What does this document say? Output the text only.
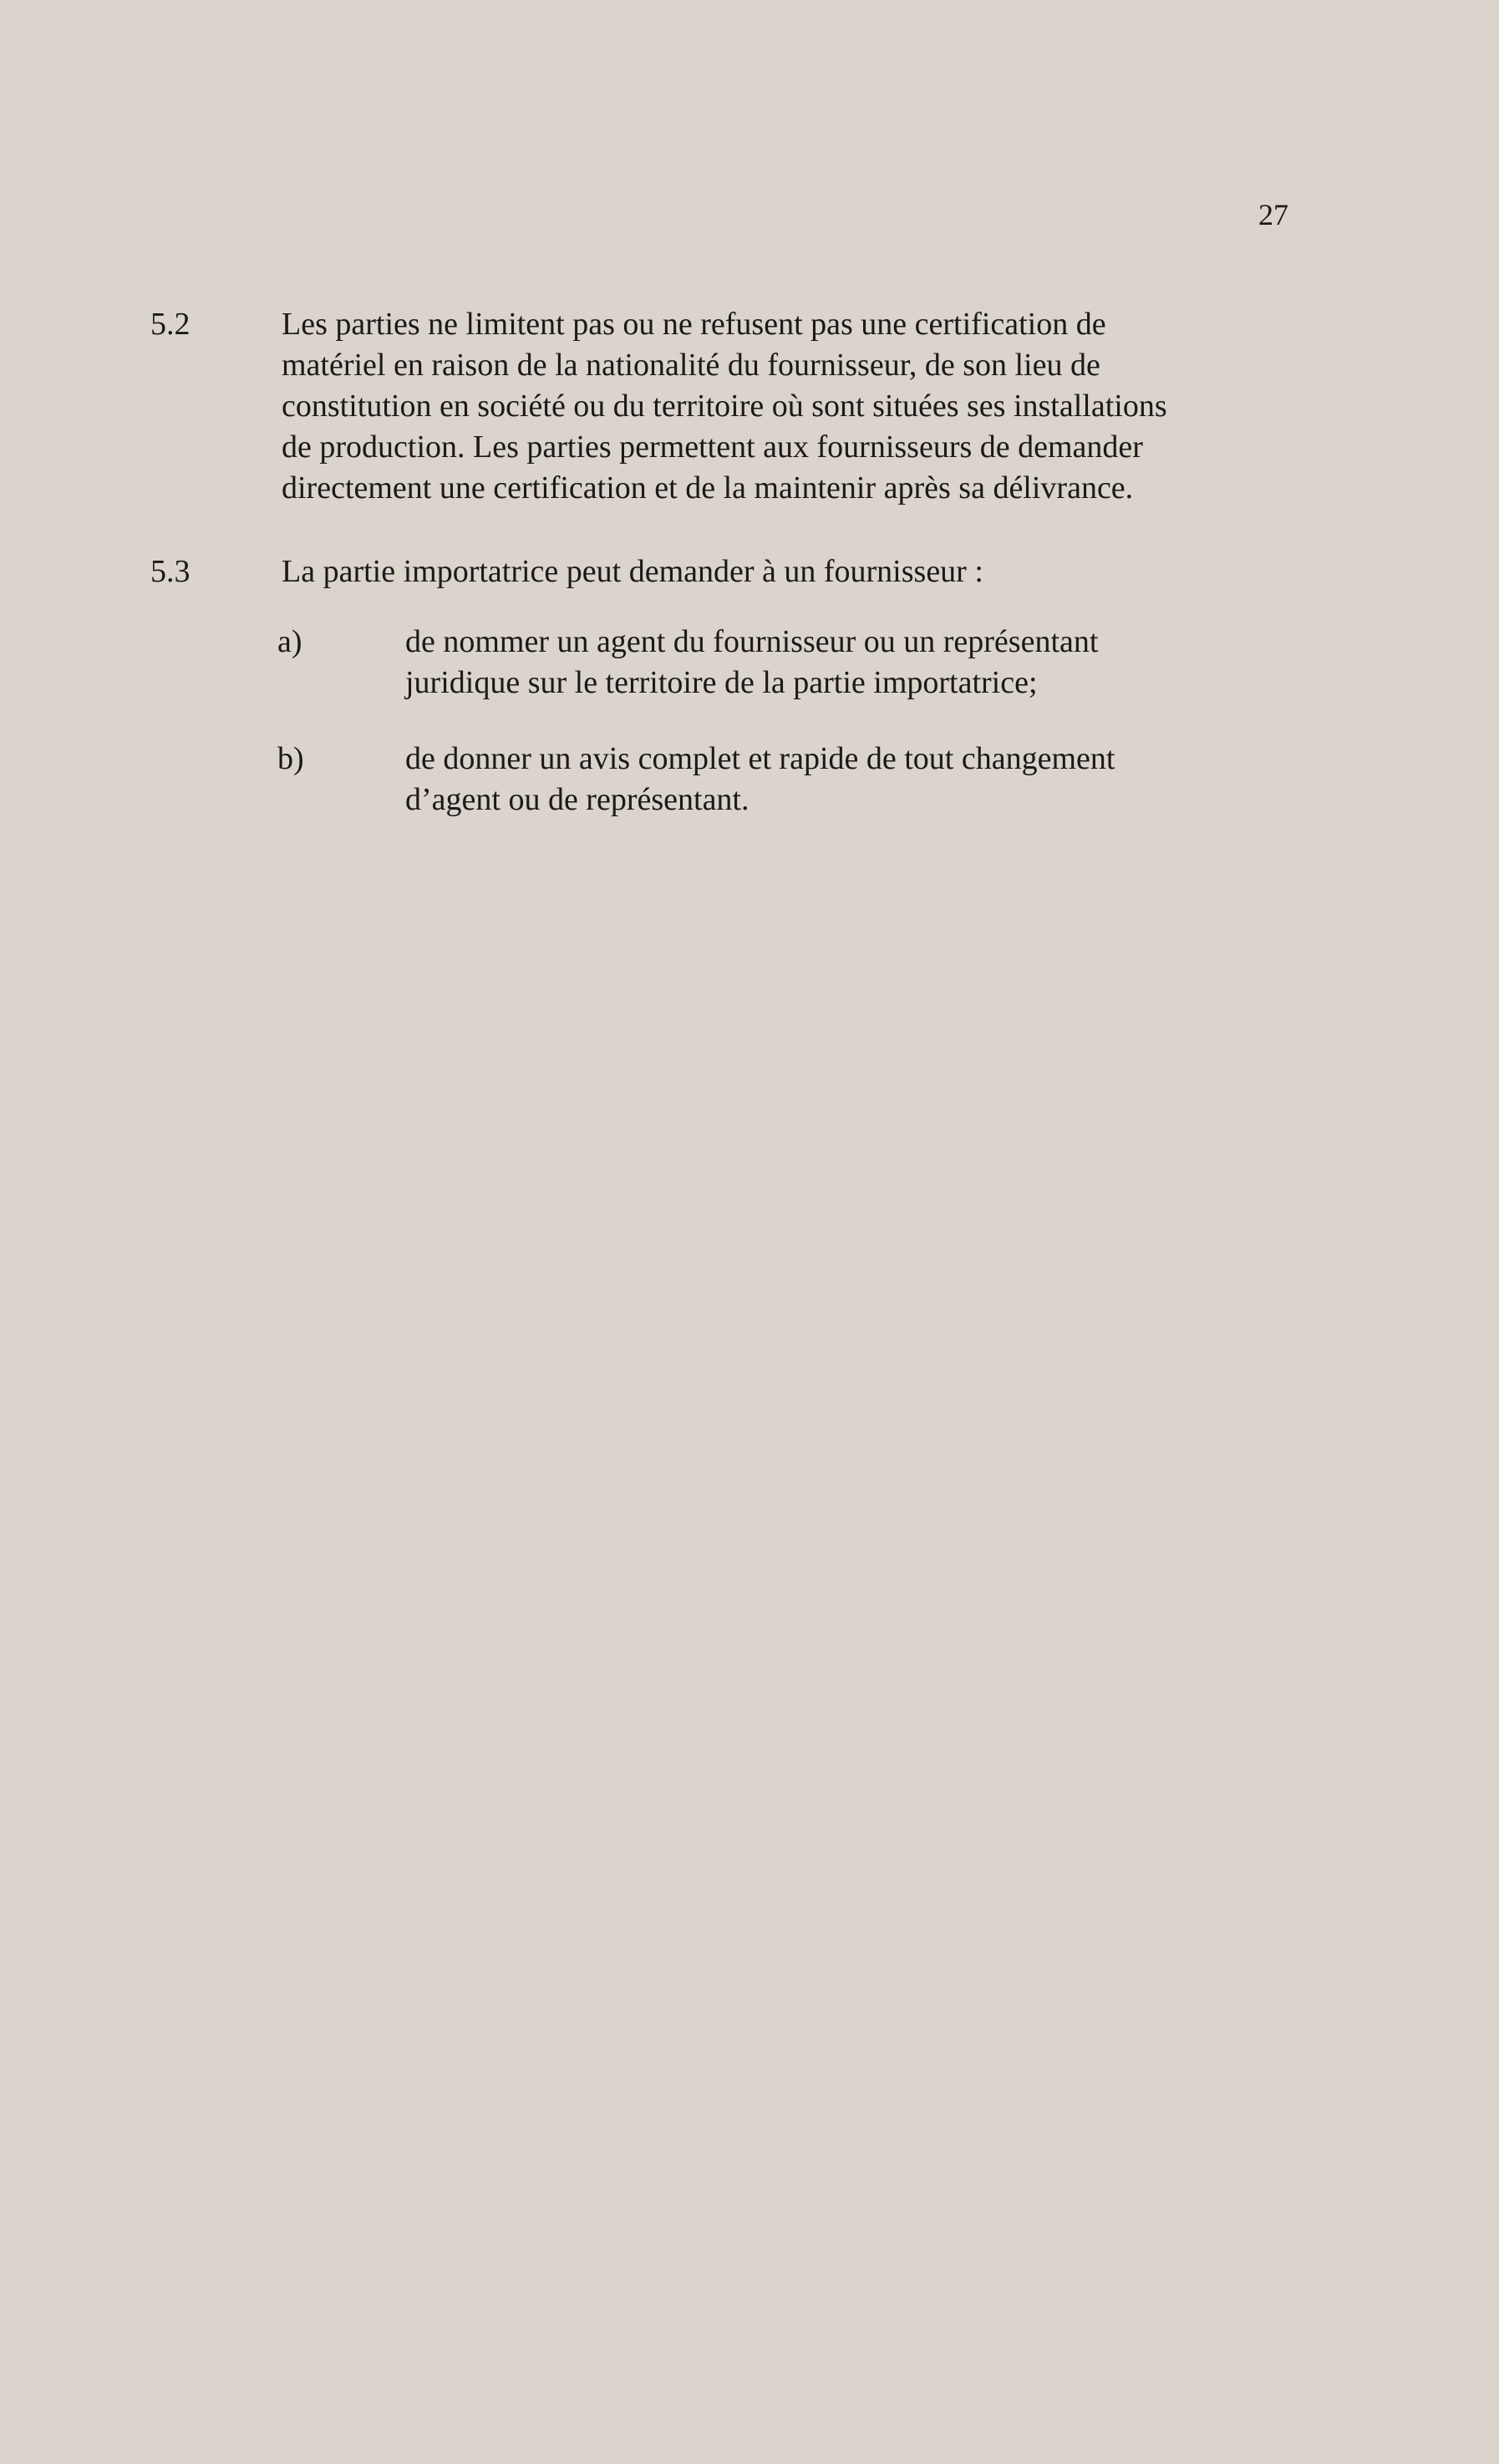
27
5.2	Les parties ne limitent pas ou ne refusent pas une certification de
matériel en raison de la nationalité du fournisseur, de son lieu de
constitution en société ou du territoire où sont situées ses installations
de production. Les parties permettent aux fournisseurs de demander
directement une certification et de la maintenir après sa délivrance.
5.3	La partie importatrice peut demander à un fournisseur :
a)	de nommer un agent du fournisseur ou un représentant
juridique sur le territoire de la partie importatrice;
b)	de donner un avis complet et rapide de tout changement
d’agent ou de représentant.
